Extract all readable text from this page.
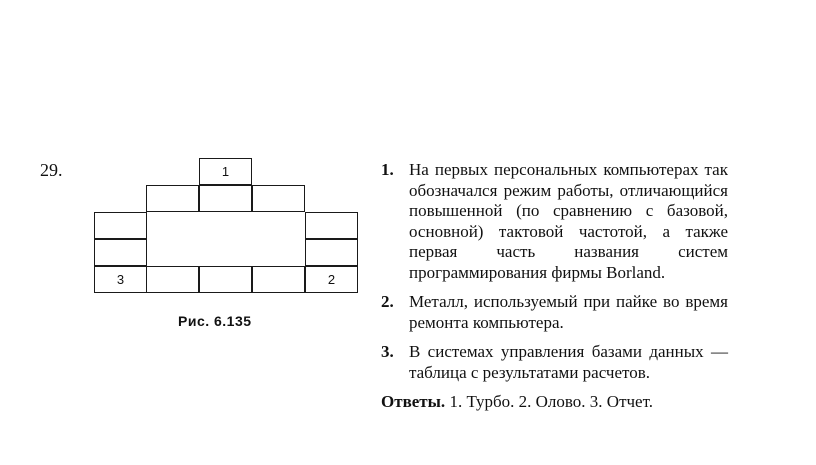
29.	1
3	2
Рис. 6.135
1. На первых персональных компьютерах так обозначался режим работы, отличающийся повышенной (по сравнению с базовой, основной) тактовой частотой, а также первая часть названия систем программирования фирмы Borland.
2. Металл, используемый при пайке во время ремонта компьютера.
3. В системах управления базами данных — таблица с результатами расчетов.
Ответы. 1. Турбо. 2. Олово. 3. Отчет.
